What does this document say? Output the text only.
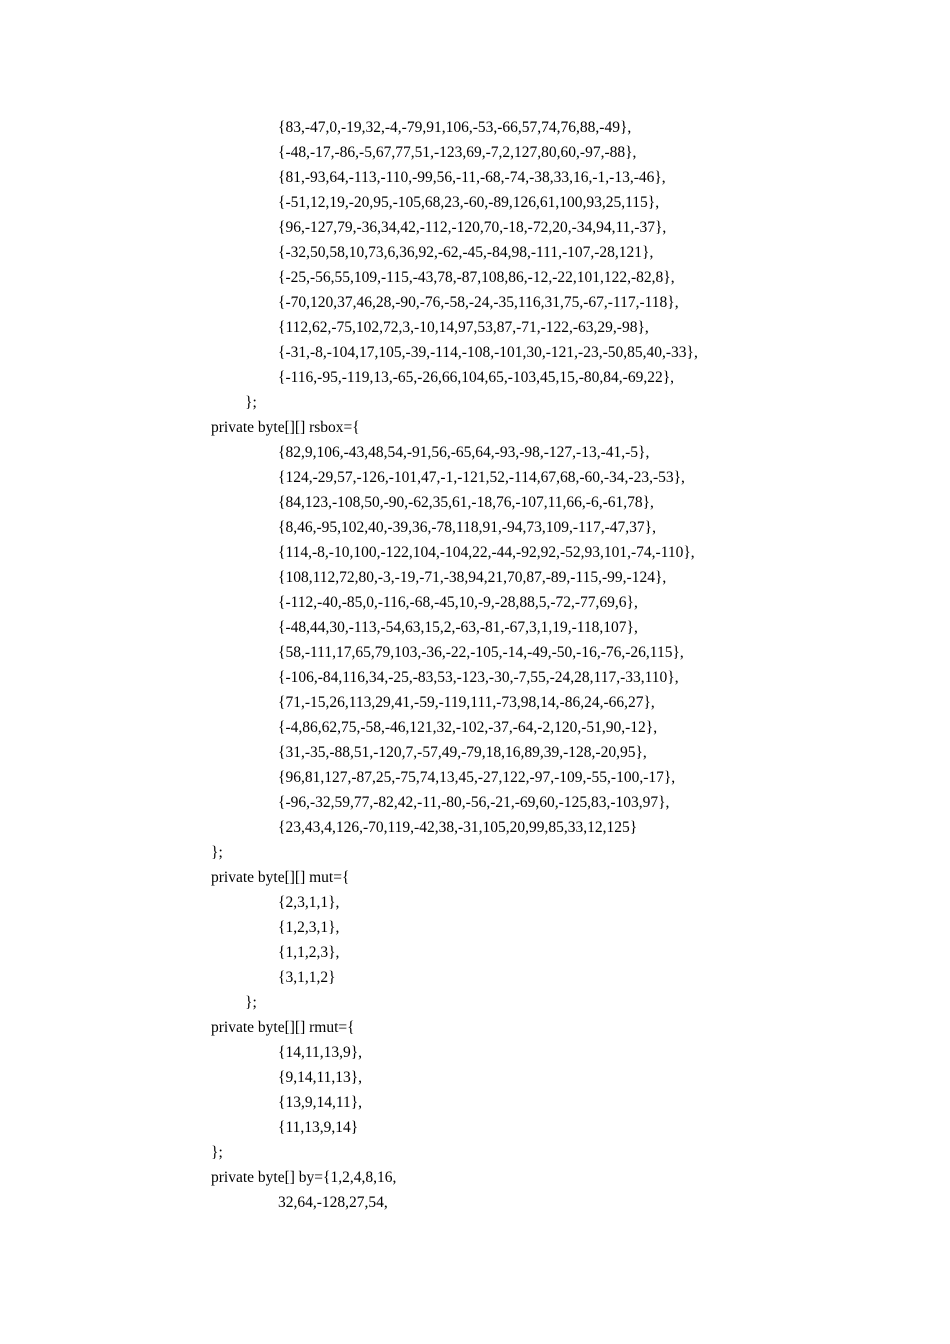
{83,-47,0,-19,32,-4,-79,91,106,-53,-66,57,74,76,88,-49},
{-48,-17,-86,-5,67,77,51,-123,69,-7,2,127,80,60,-97,-88},
{81,-93,64,-113,-110,-99,56,-11,-68,-74,-38,33,16,-1,-13,-46},
{-51,12,19,-20,95,-105,68,23,-60,-89,126,61,100,93,25,115},
{96,-127,79,-36,34,42,-112,-120,70,-18,-72,20,-34,94,11,-37},
{-32,50,58,10,73,6,36,92,-62,-45,-84,98,-111,-107,-28,121},
{-25,-56,55,109,-115,-43,78,-87,108,86,-12,-22,101,122,-82,8},
{-70,120,37,46,28,-90,-76,-58,-24,-35,116,31,75,-67,-117,-118},
{112,62,-75,102,72,3,-10,14,97,53,87,-71,-122,-63,29,-98},
{-31,-8,-104,17,105,-39,-114,-108,-101,30,-121,-23,-50,85,40,-33},
{-116,-95,-119,13,-65,-26,66,104,65,-103,45,15,-80,84,-69,22},
};
private byte[][] rsbox={
{82,9,106,-43,48,54,-91,56,-65,64,-93,-98,-127,-13,-41,-5},
{124,-29,57,-126,-101,47,-1,-121,52,-114,67,68,-60,-34,-23,-53},
{84,123,-108,50,-90,-62,35,61,-18,76,-107,11,66,-6,-61,78},
{8,46,-95,102,40,-39,36,-78,118,91,-94,73,109,-117,-47,37},
{114,-8,-10,100,-122,104,-104,22,-44,-92,92,-52,93,101,-74,-110},
{108,112,72,80,-3,-19,-71,-38,94,21,70,87,-89,-115,-99,-124},
{-112,-40,-85,0,-116,-68,-45,10,-9,-28,88,5,-72,-77,69,6},
{-48,44,30,-113,-54,63,15,2,-63,-81,-67,3,1,19,-118,107},
{58,-111,17,65,79,103,-36,-22,-105,-14,-49,-50,-16,-76,-26,115},
{-106,-84,116,34,-25,-83,53,-123,-30,-7,55,-24,28,117,-33,110},
{71,-15,26,113,29,41,-59,-119,111,-73,98,14,-86,24,-66,27},
{-4,86,62,75,-58,-46,121,32,-102,-37,-64,-2,120,-51,90,-12},
{31,-35,-88,51,-120,7,-57,49,-79,18,16,89,39,-128,-20,95},
{96,81,127,-87,25,-75,74,13,45,-27,122,-97,-109,-55,-100,-17},
{-96,-32,59,77,-82,42,-11,-80,-56,-21,-69,60,-125,83,-103,97},
{23,43,4,126,-70,119,-42,38,-31,105,20,99,85,33,12,125}
};
private byte[][] mut={
{2,3,1,1},
{1,2,3,1},
{1,1,2,3},
{3,1,1,2}
};
private byte[][] rmut={
{14,11,13,9},
{9,14,11,13},
{13,9,14,11},
{11,13,9,14}
};
private byte[] by={1,2,4,8,16,
32,64,-128,27,54,
